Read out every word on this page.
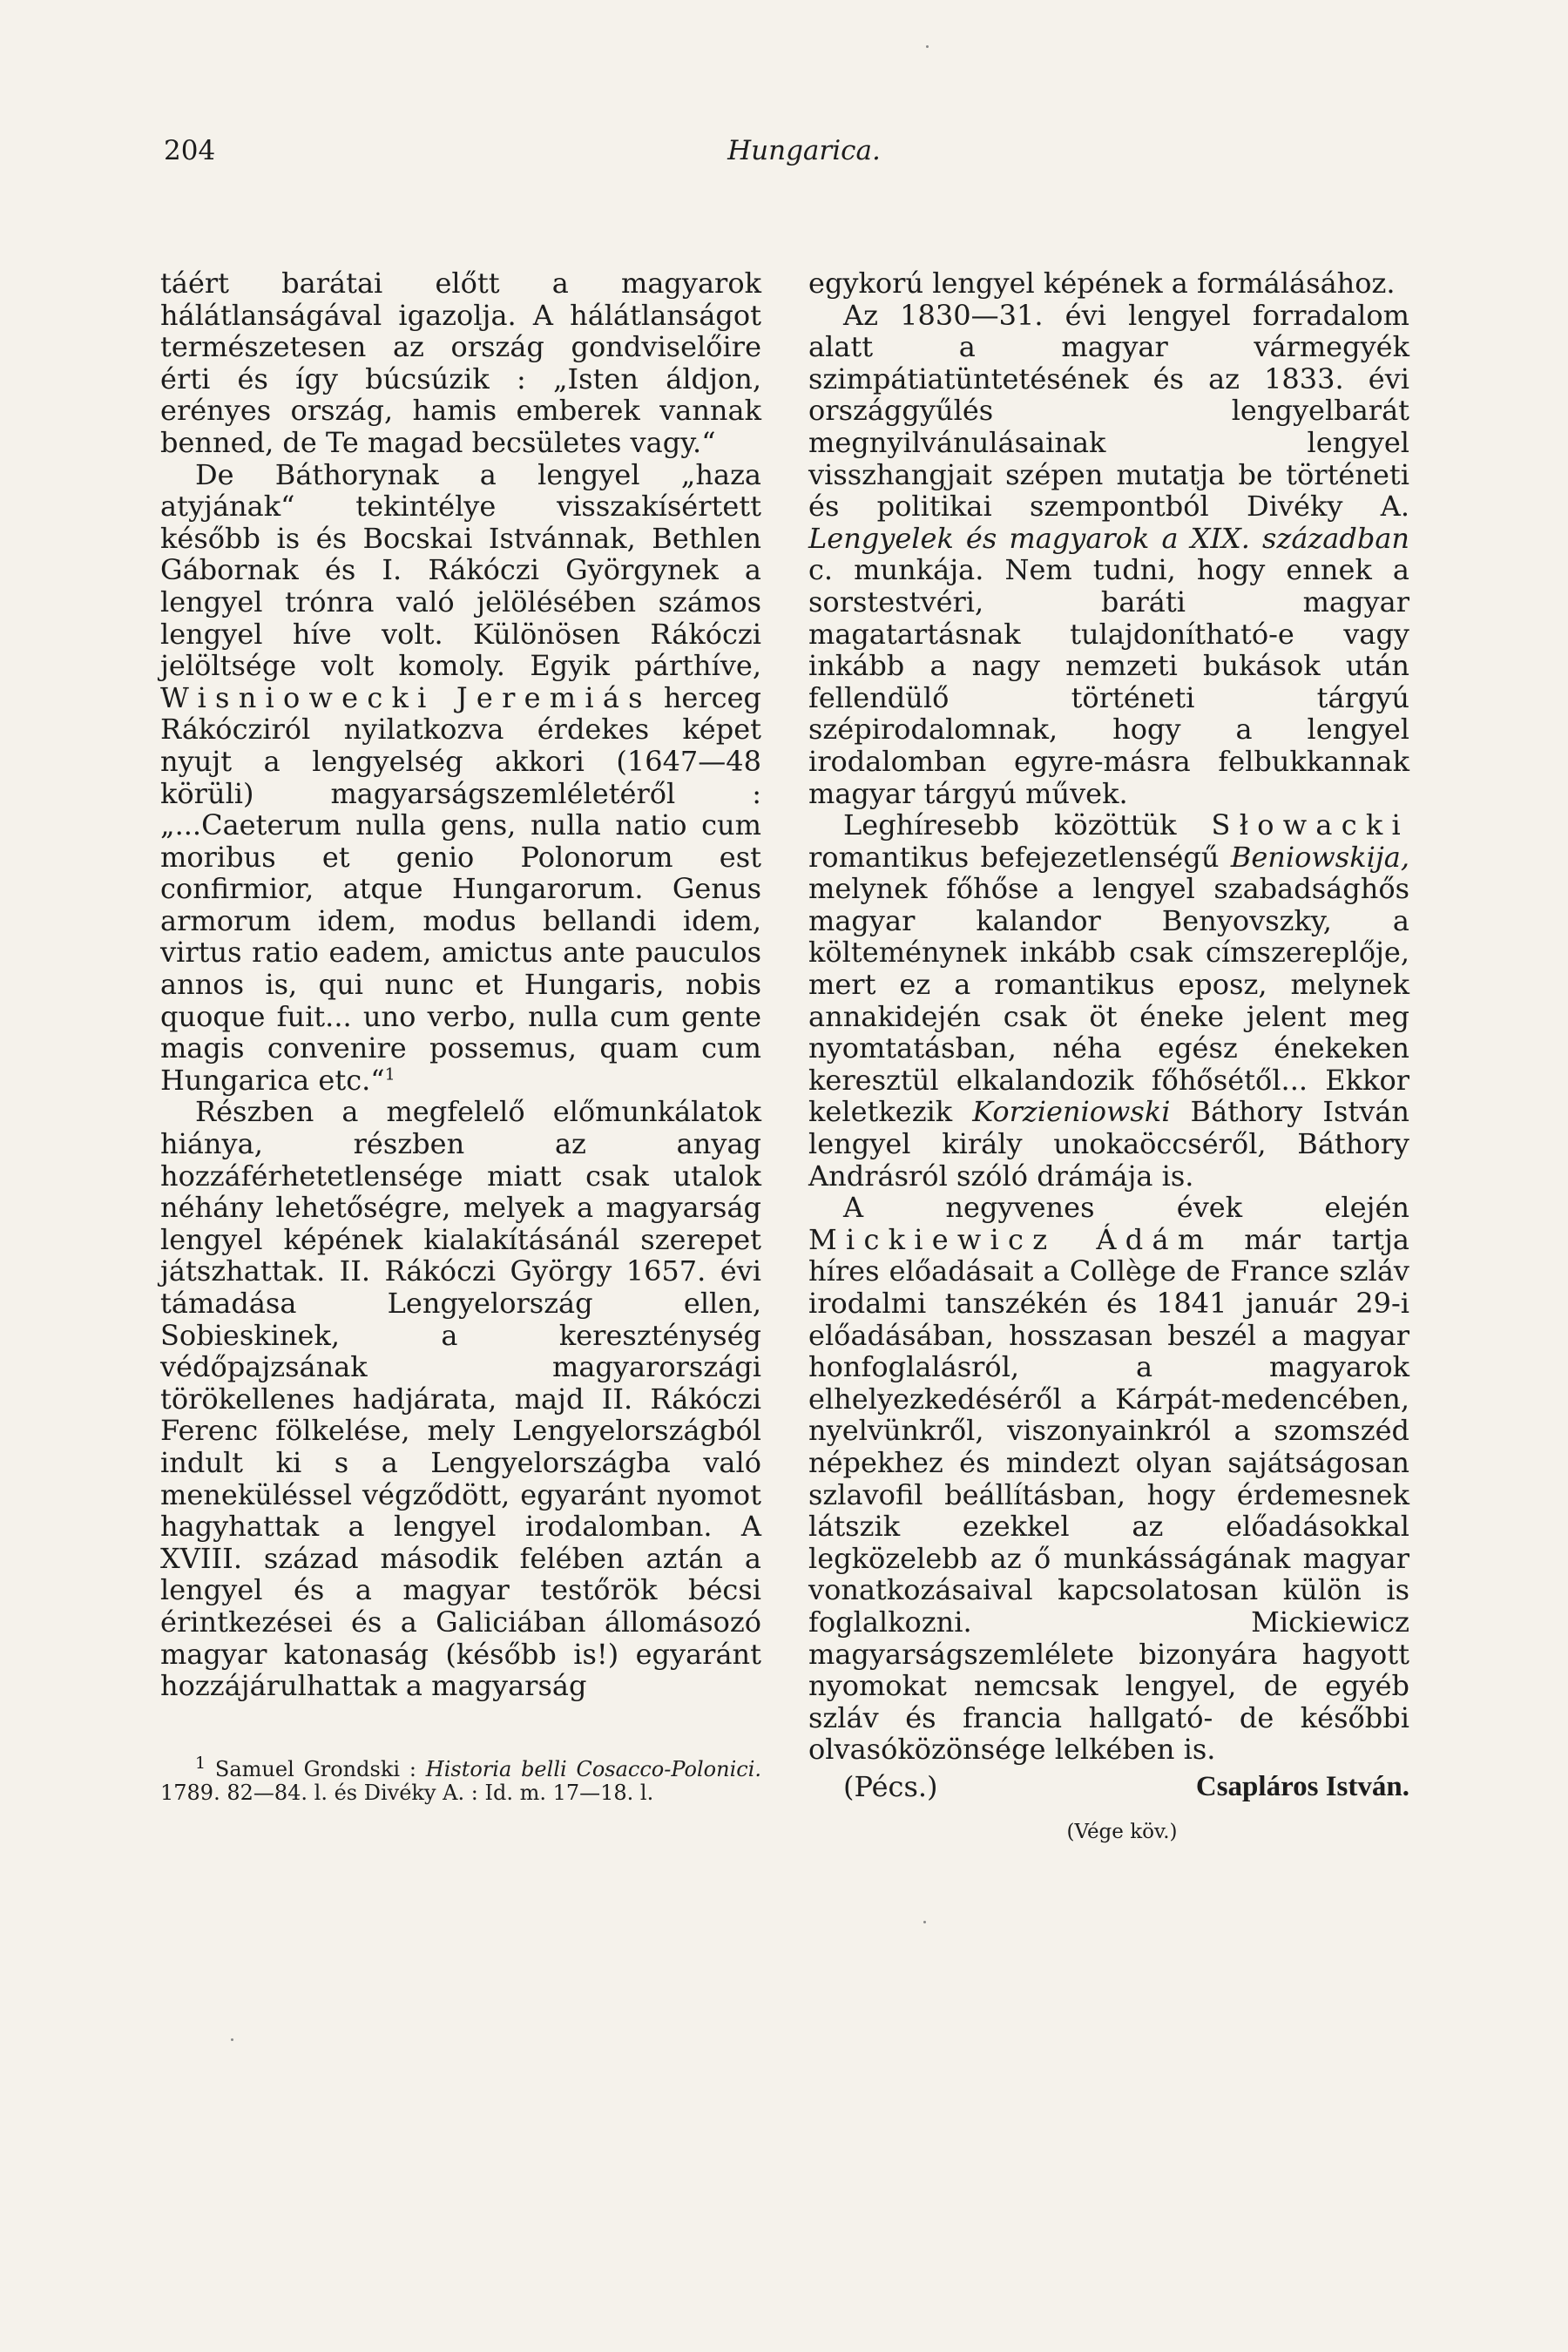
204	Hungarica.

táért barátai előtt a magyarok hálátlanságával igazolja. A hálátlanságot természetesen az ország gondviselőire érti és így búcsúzik : „Isten áldjon, erényes ország, hamis emberek vannak benned, de Te magad becsületes vagy.“

De Báthorynak a lengyel „haza atyjának“ tekintélye visszakísértett később is és Bocskai Istvánnak, Bethlen Gábornak és I. Rákóczi Györgynek a lengyel trónra való jelölésében számos lengyel híve volt. Különösen Rákóczi jelöltsége volt komoly. Egyik párthíve, Wisniowecki Jeremiás herceg Rákócziról nyilatkozva érdekes képet nyujt a lengyelség akkori (1647—48 körüli) magyarságszemléletéről : „...Caeterum nulla gens, nulla natio cum moribus et genio Polonorum est confirmior, atque Hungarorum. Genus armorum idem, modus bellandi idem, virtus ratio eadem, amictus ante pauculos annos is, qui nunc et Hungaris, nobis quoque fuit... uno verbo, nulla cum gente magis convenire possemus, quam cum Hungarica etc.“$^1$

Részben a megfelelő előmunkálatok hiánya, részben az anyag hozzáférhetetlensége miatt csak utalok néhány lehetőségre, melyek a magyarság lengyel képének kialakításánál szerepet játszhattak. II. Rákóczi György 1657. évi támadása Lengyelország ellen, Sobieskinek, a kereszténység védőpajzsának magyarországi törökellenes hadjárata, majd II. Rákóczi Ferenc fölkelése, mely Lengyelországból indult ki s a Lengyelországba való meneküléssel végződött, egyaránt nyomot hagyhattak a lengyel irodalomban. A XVIII. század második felében aztán a lengyel és a magyar testőrök bécsi érintkezései és a Galiciában állomásozó magyar katonaság (később is!) egyaránt hozzájárulhattak a magyarság

$^1$ Samuel Grondski : Historia belli Cosacco-Polonici. 1789. 82—84. l. és Divéky A. : Id. m. 17—18. l.

egykorú lengyel képének a formálásához.

Az 1830—31. évi lengyel forradalom alatt a magyar vármegyék szimpátiatüntetésének és az 1833. évi országgyűlés lengyelbarát megnyilvánulásainak lengyel visszhangjait szépen mutatja be történeti és politikai szempontból Divéky A. Lengyelek és magyarok a XIX. században c. munkája. Nem tudni, hogy ennek a sorstestvéri, baráti magyar magatartásnak tulajdonítható-e vagy inkább a nagy nemzeti bukások után fellendülő történeti tárgyú szépirodalomnak, hogy a lengyel irodalomban egyre-másra felbukkannak magyar tárgyú művek.

Leghíresebb közöttük Słowacki romantikus befejezetlenségű Beniowskija, melynek főhőse a lengyel szabadsághős magyar kalandor Benyovszky, a költeménynek inkább csak címszereplője, mert ez a romantikus eposz, melynek annakidején csak öt éneke jelent meg nyomtatásban, néha egész énekeken keresztül elkalandozik főhősétől... Ekkor keletkezik Korzieniowski Báthory István lengyel király unokaöccséről, Báthory Andrásról szóló drámája is.

A negyvenes évek elején Mickiewicz Ádám már tartja híres előadásait a Collège de France szláv irodalmi tanszékén és 1841 január 29-i előadásában, hosszasan beszél a magyar honfoglalásról, a magyarok elhelyezkedéséről a Kárpát-medencében, nyelvünkről, viszonyainkról a szomszéd népekhez és mindezt olyan sajátságosan szlavofil beállításban, hogy érdemesnek látszik ezekkel az előadásokkal legközelebb az ő munkásságának magyar vonatkozásaival kapcsolatosan külön is foglalkozni. Mickiewicz magyarságszemlélete bizonyára hagyott nyomokat nemcsak lengyel, de egyéb szláv és francia hallgató- de későbbi olvasóközönsége lelkében is.

(Pécs.)	Csapláros István.
(Vége köv.)
